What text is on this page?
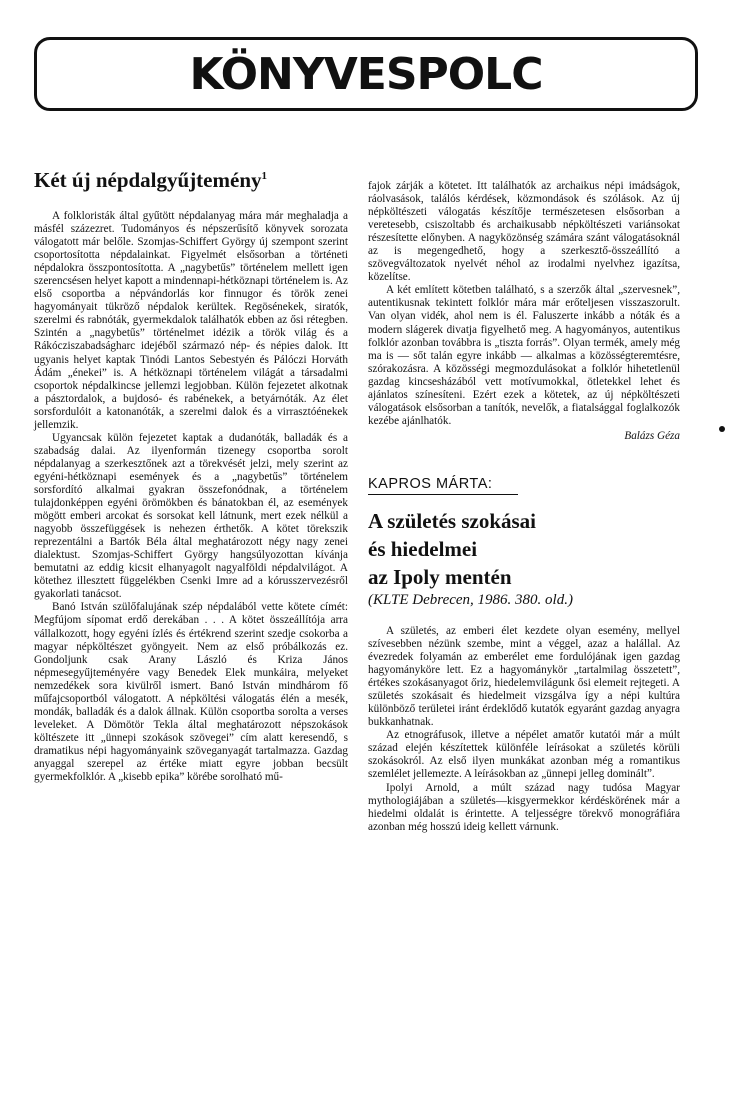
KÖNYVESPOLC
Két új népdalgyűjtemény$^1$

A folkloristák által gyűtött népdalanyag mára már meghaladja a másfél százezret. Tudományos és népszerűsítő könyvek sorozata válogatott már belőle. Szomjas-Schiffert György új szempont szerint csoportosította népdalainkat. Figyelmét elsősorban a történeti népdalokra összpontosította. A „nagybetűs” történelem mellett igen szerencsésen helyet kapott a mindennapi-hétköznapi történelem is. Az első csoportba a népvándorlás kor finnugor és török zenei hagyományait tükröző népdalok kerültek. Regösénekek, siratók, szerelmi és rabnóták, gyermekdalok találhatók ebben az ősi rétegben. Szintén a „nagybetűs” történelmet idézik a török világ és a Rákócziszabadságharc idejéből származó nép- és népies dalok. Itt ugyanis helyet kaptak Tinódi Lantos Sebestyén és Pálóczi Horváth Ádám „énekei” is. A hétköznapi történelem világát a társadalmi csoportok népdalkincse jellemzi legjobban. Külön fejezetet alkotnak a pásztordalok, a bujdosó- és rabénekek, a betyárnóták. Az élet sorsfordulóit a katonanóták, a szerelmi dalok és a virrasztóénekek jellemzik.

Ugyancsak külön fejezetet kaptak a dudanóták, balladák és a szabadság dalai. Az ilyenformán tizenegy csoportba sorolt népdalanyag a szerkesztőnek azt a törekvését jelzi, mely szerint az egyéni-hétköznapi események és a „nagybetűs” történelem sorsfordító alkalmai gyakran összefonódnak, a történelem tulajdonképpen egyéni örömökben és bánatokban él, az események mögött emberi arcokat és sorsokat kell látnunk, mert ezek nélkül a nagyobb összefüggések is nehezen érthetők. A kötet törekszik reprezentálni a Bartók Béla által meghatározott négy nagy zenei dialektust. Szomjas-Schiffert György hangsúlyozottan kívánja bemutatni az eddig kicsit elhanyagolt nagyalföldi népdalvilágot. A kötethez illesztett függelékben Csenki Imre ad a kórusszervezésről gyakorlati tanácsot.

Banó István szülőfalujának szép népdalából vette kötete címét: Megfújom sípomat erdő derekában . . . A kötet összeállítója arra vállalkozott, hogy egyéni ízlés és értékrend szerint szedje csokorba a magyar népköltészet gyöngyeit. Nem az első próbálkozás ez. Gondoljunk csak Arany László és Kriza János népmesegyűjteményére vagy Benedek Elek munkáira, melyeket nemzedékek sora kivülről ismert. Banó István mindhárom fő műfajcsoportból válogatott. A népköltési válogatás élén a mesék, mondák, balladák és a dalok állnak. Külön csoportba sorolta a verses leveleket. A Dömötör Tekla által meghatározott népszokások költészete itt „ünnepi szokások szövegei” cím alatt keresendő, s dramatikus népi hagyományaink szöveganyagát tartalmazza. Gazdag anyaggal szerepel az értéke miatt egyre jobban becsült gyermekfolklór. A „kisebb epika” körébe sorolható mű-

fajok zárják a kötetet. Itt találhatók az archaikus népi imádságok, ráolvasások, találós kérdések, közmondások és szólások. Az új népköltészeti válogatás készítője természetesen elsősorban a veretesebb, csiszoltabb és archaikusabb népköltészeti variánsokat részesítette előnyben. A nagyközönség számára szánt válogatásoknál az is megengedhető, hogy a szerkesztő-összeállító a szövegváltozatok nyelvét néhol az irodalmi nyelvhez igazítsa, közelítse.

A két említett kötetben található, s a szerzők által „szervesnek”, autentikusnak tekintett folklór mára már erőteljesen visszaszorult. Van olyan vidék, ahol nem is él. Faluszerte inkább a nóták és a modern slágerek divatja figyelhető meg. A hagyományos, autentikus folklór azonban továbbra is „tiszta forrás”. Olyan termék, amely még ma is — sőt talán egyre inkább — alkalmas a közösségteremtésre, szórakozásra. A közösségi megmozdulásokat a folklór hihetetlenül gazdag kincsesházából vett motívumokkal, ötletekkel lehet és ajánlatos színesíteni. Ezért ezek a kötetek, az új népköltészeti válogatások elsősorban a tanítók, nevelők, a fiatalsággal foglalkozók kezébe ajánlhatók.

Balázs Géza
KAPROS MÁRTA:
A születés szokásai
és hiedelmei
az Ipoly mentén
(KLTE Debrecen, 1986. 380. old.)

A születés, az emberi élet kezdete olyan esemény, mellyel szívesebben nézünk szembe, mint a véggel, azaz a halállal. Az évezredek folyamán az emberélet eme fordulójának igen gazdag hagyományköre lett. Ez a hagyománykör „tartalmilag összetett”, értékes szokásanyagot őriz, hiedelemvilágunk ősi elemeit rejtegeti. A születés szokásait és hiedelmeit vizsgálva így a népi kultúra különböző területei iránt érdeklődő kutatók egyaránt gazdag anyagra bukkanhatnak.

Az etnográfusok, illetve a népélet amatőr kutatói már a múlt század elején készítettek különféle leírásokat a születés körüli szokásokról. Az első ilyen munkákat azonban még a romantikus szemlélet jellemezte. A leírásokban az „ünnepi jelleg domináltˮ.

Ipolyi Arnold, a múlt század nagy tudósa Magyar mythologiájában a születés—kisgyermekkor kérdéskörének már a hiedelmi oldalát is érintette. A teljességre törekvő monográfiára azonban még hosszú ideig kellett várnunk.
